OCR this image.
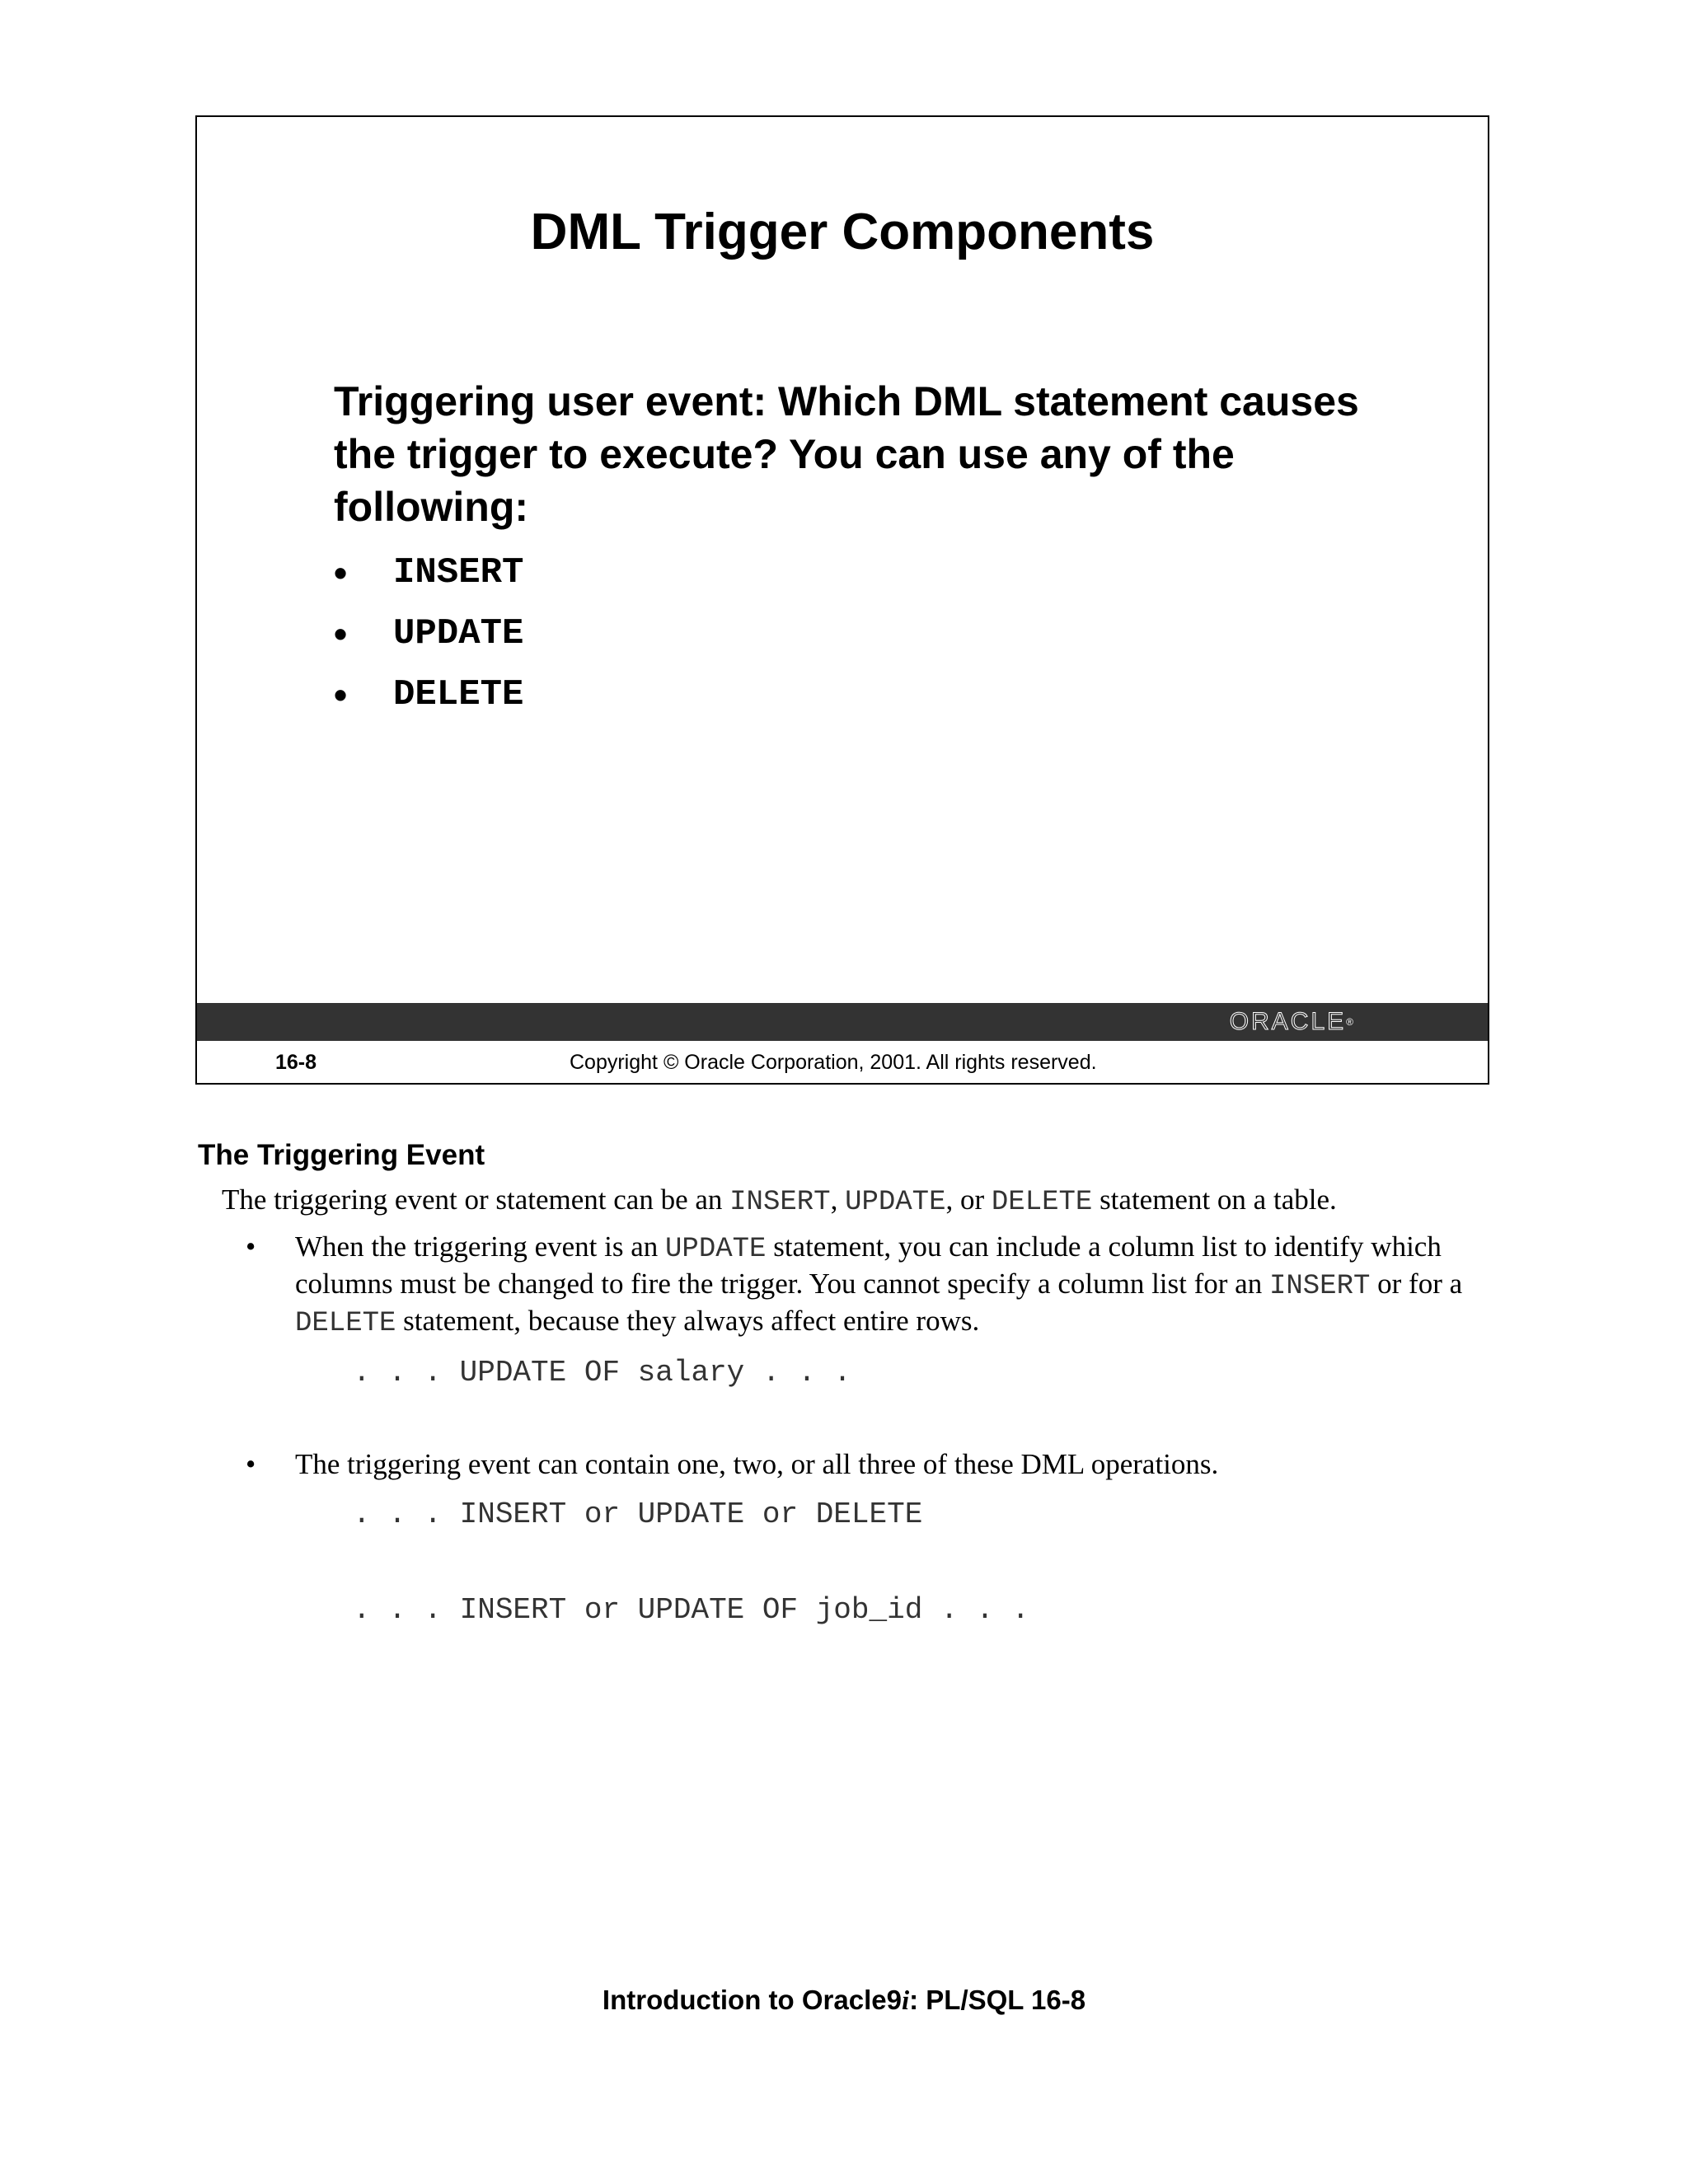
DML Trigger Components

Triggering user event: Which DML statement causes the trigger to execute? You can use any of the following:

•	INSERT
•	UPDATE
•	DELETE
ORACLE®
16-8	Copyright © Oracle Corporation, 2001. All rights reserved.
The Triggering Event

The triggering event or statement can be an INSERT, UPDATE, or DELETE statement on a table.

• When the triggering event is an UPDATE statement, you can include a column list to identify which columns must be changed to fire the trigger. You cannot specify a column list for an INSERT or for a DELETE statement, because they always affect entire rows.
. . . UPDATE OF salary . . .
• The triggering event can contain one, two, or all three of these DML operations.
. . . INSERT or UPDATE or DELETE
. . . INSERT or UPDATE OF job_id . . .

Introduction to Oracle9i: PL/SQL 16-8
